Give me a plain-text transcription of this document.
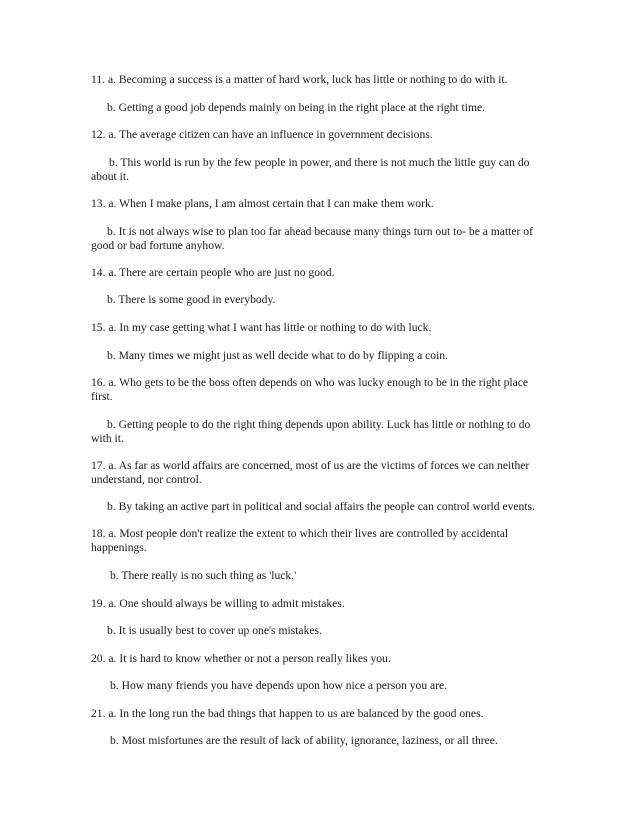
11. a. Becoming a success is a matter of hard work, luck has little or nothing to do with it.

b. Getting a good job depends mainly on being in the right place at the right time.

12. a. The average citizen can have an influence in government decisions.

b. This world is run by the few people in power, and there is not much the little guy can do about it.

13. a. When I make plans, I am almost certain that I can make them work.

b. It is not always wise to plan too far ahead because many things turn out to- be a matter of good or bad fortune anyhow.

14. a. There are certain people who are just no good.

b. There is some good in everybody.

15. a. In my case getting what I want has little or nothing to do with luck.

b. Many times we might just as well decide what to do by flipping a coin.

16. a. Who gets to be the boss often depends on who was lucky enough to be in the right place first.

b. Getting people to do the right thing depends upon ability. Luck has little or nothing to do with it.

17. a. As far as world affairs are concerned, most of us are the victims of forces we can neither understand, nor control.

b. By taking an active part in political and social affairs the people can control world events.

18. a. Most people don't realize the extent to which their lives are controlled by accidental happenings.

b. There really is no such thing as 'luck.'

19. a. One should always be willing to admit mistakes.

b. It is usually best to cover up one's mistakes.

20. a. It is hard to know whether or not a person really likes you.

b. How many friends you have depends upon how nice a person you are.

21. a. In the long run the bad things that happen to us are balanced by the good ones.

b. Most misfortunes are the result of lack of ability, ignorance, laziness, or all three.
